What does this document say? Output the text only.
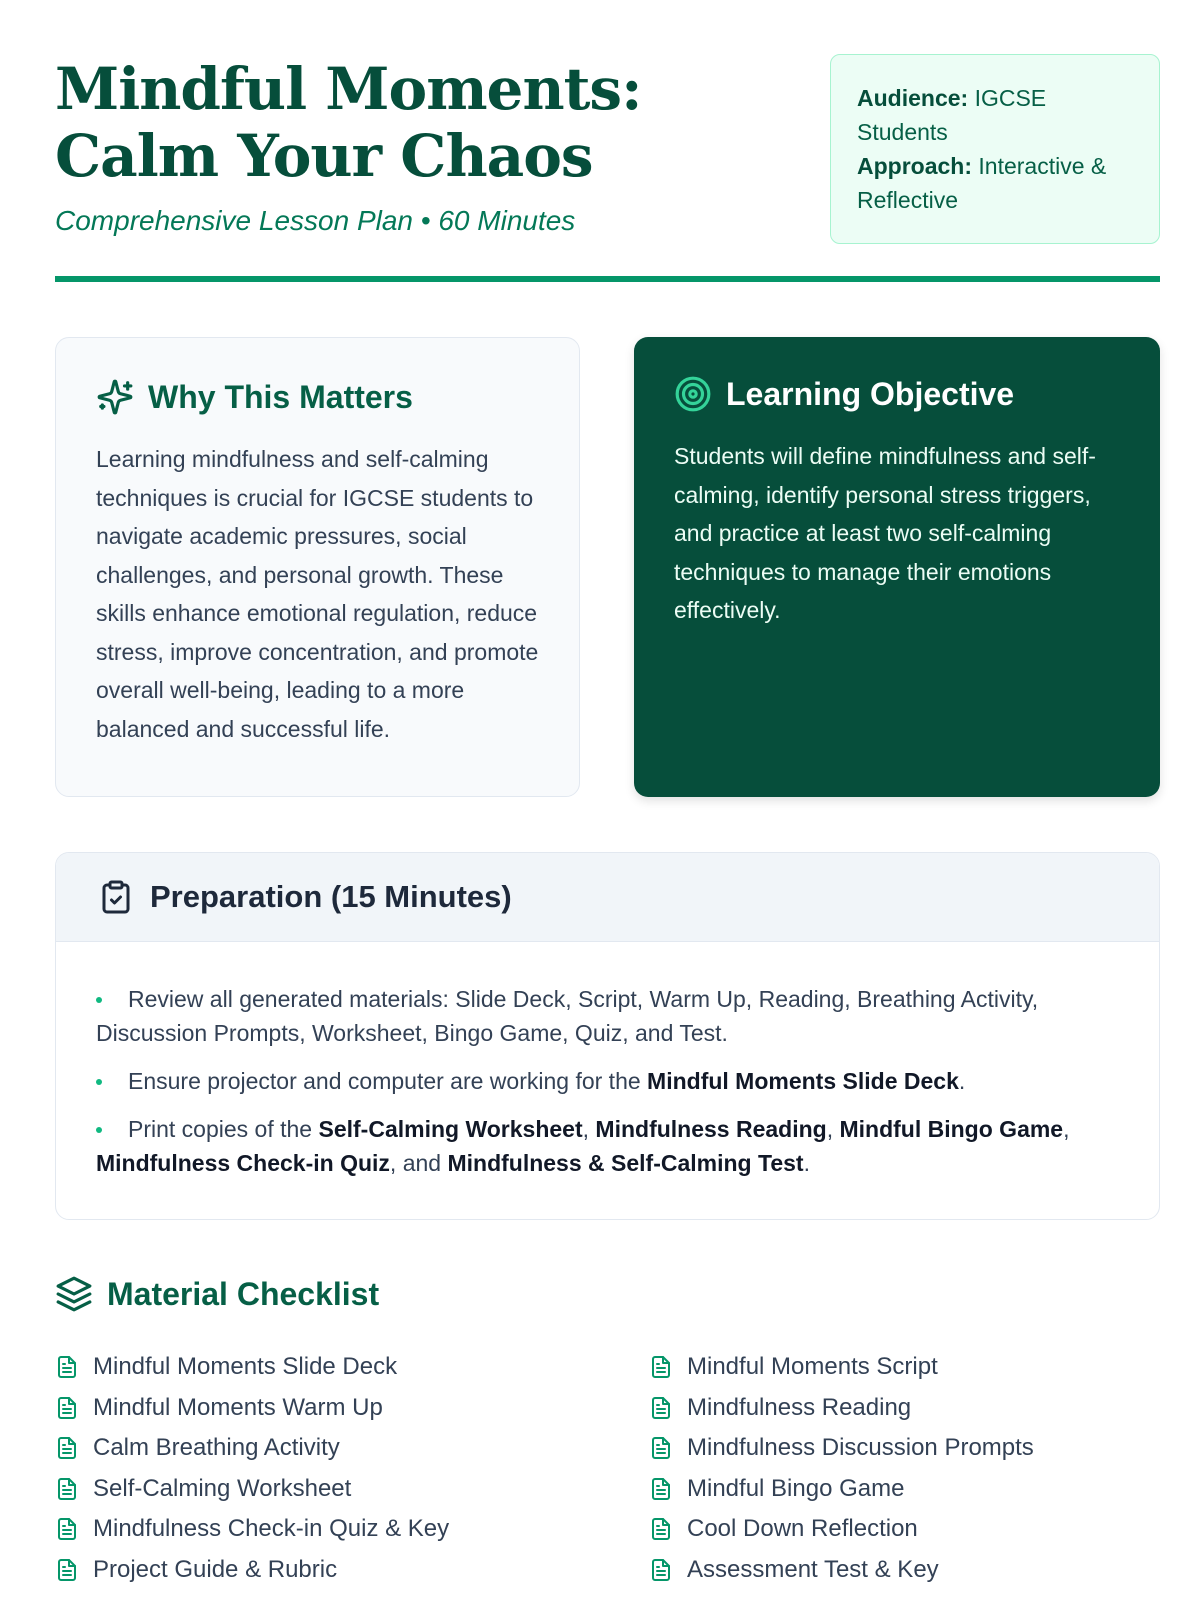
Mindful Moments: Calm Your Chaos
Comprehensive Lesson Plan • 60 Minutes
Audience: IGCSE Students
Approach: Interactive & Reflective
Why This Matters

Learning mindfulness and self-calming techniques is crucial for IGCSE students to navigate academic pressures, social challenges, and personal growth. These skills enhance emotional regulation, reduce stress, improve concentration, and promote overall well-being, leading to a more balanced and successful life.

Learning Objective

Students will define mindfulness and self-calming, identify personal stress triggers, and practice at least two self-calming techniques to manage their emotions effectively.

Preparation (15 Minutes)
Review all generated materials: Slide Deck, Script, Warm Up, Reading, Breathing Activity, Discussion Prompts, Worksheet, Bingo Game, Quiz, and Test.
Ensure projector and computer are working for the Mindful Moments Slide Deck.
Print copies of the Self-Calming Worksheet, Mindfulness Reading, Mindful Bingo Game, Mindfulness Check-in Quiz, and Mindfulness & Self-Calming Test.
Material Checklist
Mindful Moments Slide Deck	Mindful Moments Script
Mindful Moments Warm Up	Mindfulness Reading
Calm Breathing Activity	Mindfulness Discussion Prompts
Self-Calming Worksheet	Mindful Bingo Game
Mindfulness Check-in Quiz & Key	Cool Down Reflection
Project Guide & Rubric	Assessment Test & Key
